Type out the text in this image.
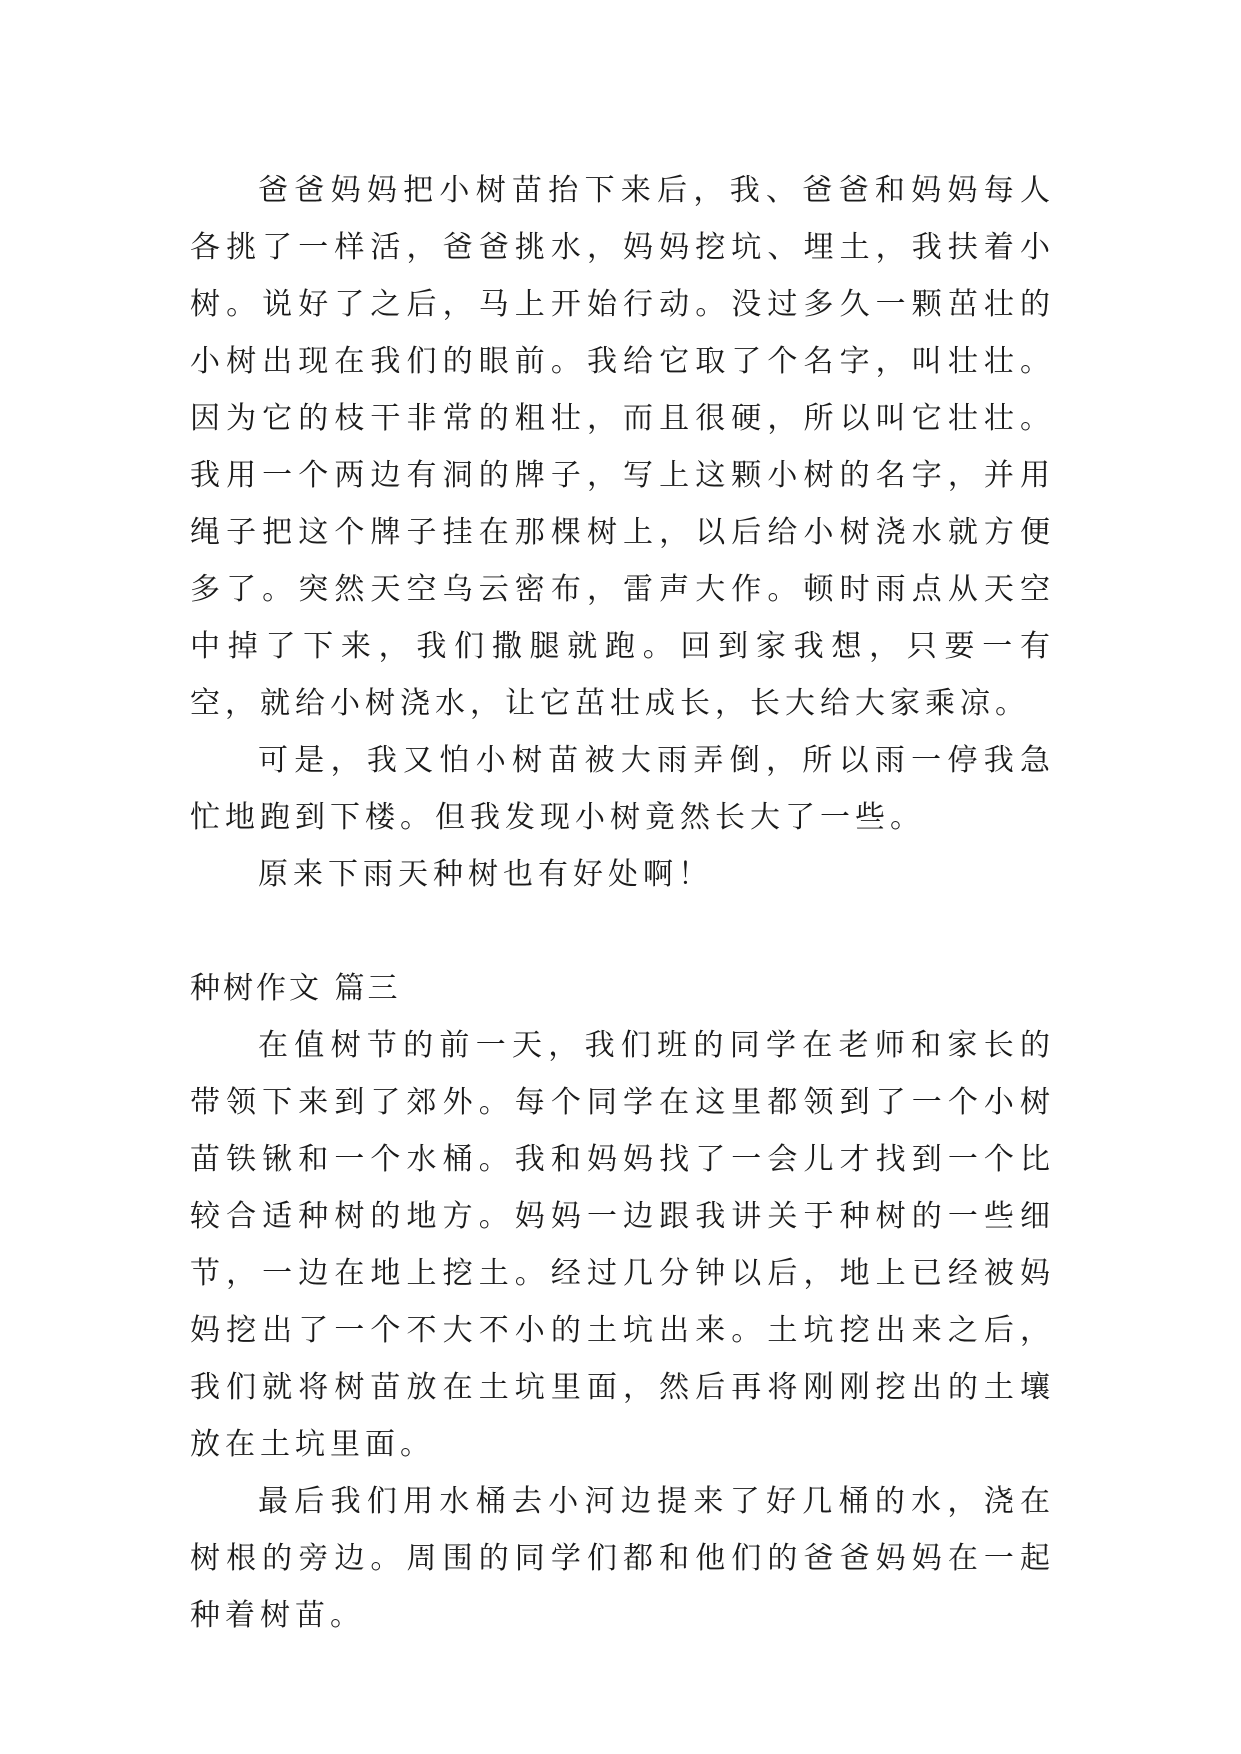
爸爸妈妈把小树苗抬下来后，我、爸爸和妈妈每人各挑了一样活，爸爸挑水，妈妈挖坑、埋土，我扶着小树。说好了之后，马上开始行动。没过多久一颗茁壮的小树出现在我们的眼前。我给它取了个名字，叫壮壮。因为它的枝干非常的粗壮，而且很硬，所以叫它壮壮。我用一个两边有洞的牌子，写上这颗小树的名字，并用绳子把这个牌子挂在那棵树上，以后给小树浇水就方便多了。突然天空乌云密布，雷声大作。顿时雨点从天空中掉了下来，我们撒腿就跑。回到家我想，只要一有空，就给小树浇水，让它茁壮成长，长大给大家乘凉。

可是，我又怕小树苗被大雨弄倒，所以雨一停我急忙地跑到下楼。但我发现小树竟然长大了一些。

原来下雨天种树也有好处啊！

种树作文 篇三

在值树节的前一天，我们班的同学在老师和家长的带领下来到了郊外。每个同学在这里都领到了一个小树苗铁锹和一个水桶。我和妈妈找了一会儿才找到一个比较合适种树的地方。妈妈一边跟我讲关于种树的一些细节，一边在地上挖土。经过几分钟以后，地上已经被妈妈挖出了一个不大不小的土坑出来。土坑挖出来之后，我们就将树苗放在土坑里面，然后再将刚刚挖出的土壤放在土坑里面。

最后我们用水桶去小河边提来了好几桶的水，浇在树根的旁边。周围的同学们都和他们的爸爸妈妈在一起种着树苗。
